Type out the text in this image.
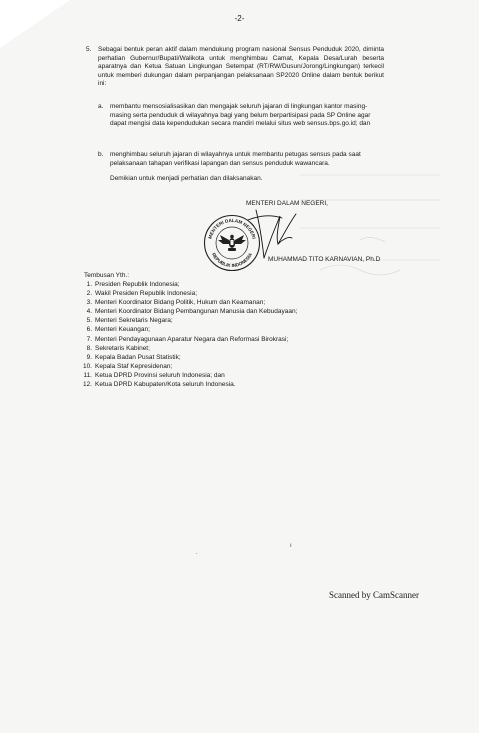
-2-
5. Sebagai bentuk peran aktif dalam mendukung program nasional Sensus Penduduk 2020, diminta perhatian Gubernur/Bupati/Walikota untuk menghimbau Camat, Kepala Desa/Lurah beserta aparatnya dan Ketua Satuan Lingkungan Setempat (RT/RW/Dusun/Jorong/Lingkungan) terkecil untuk memberi dukungan dalam perpanjangan pelaksanaan SP2020 Online dalam bentuk berikut ini:
a. membantu mensosialisasikan dan mengajak seluruh jajaran di lingkungan kantor masing-masing serta penduduk di wilayahnya bagi yang belum berpartisipasi pada SP Online agar dapat mengisi data kependudukan secara mandiri melalui situs web sensus.bps.go.id; dan
b. menghimbau seluruh jajaran di wilayahnya untuk membantu petugas sensus pada saat pelaksanaan tahapan verifikasi lapangan dan sensus penduduk wawancara.
Demikian untuk menjadi perhatian dan dilaksanakan.
MENTERI DALAM NEGERI,
MENTERI DALAM NEGERI
REPUBLIK INDONESIA
MUHAMMAD TITO KARNAVIAN, Ph.D
Tembusan Yth.:
1. Presiden Republik Indonesia;
2. Wakil Presiden Republik Indonesia;
3. Menteri Koordinator Bidang Politik, Hukum dan Keamanan;
4. Menteri Koordinator Bidang Pembangunan Manusia dan Kebudayaan;
5. Menteri Sekretaris Negara;
6. Menteri Keuangan;
7. Menteri Pendayagunaan Aparatur Negara dan Reformasi Birokrasi;
8. Sekretaris Kabinet;
9. Kepala Badan Pusat Statistik;
10. Kepala Staf Kepresidenan;
11. Ketua DPRD Provinsi seluruh Indonesia; dan
12. Ketua DPRD Kabupaten/Kota seluruh Indonesia.
ı
.
Scanned by CamScanner
